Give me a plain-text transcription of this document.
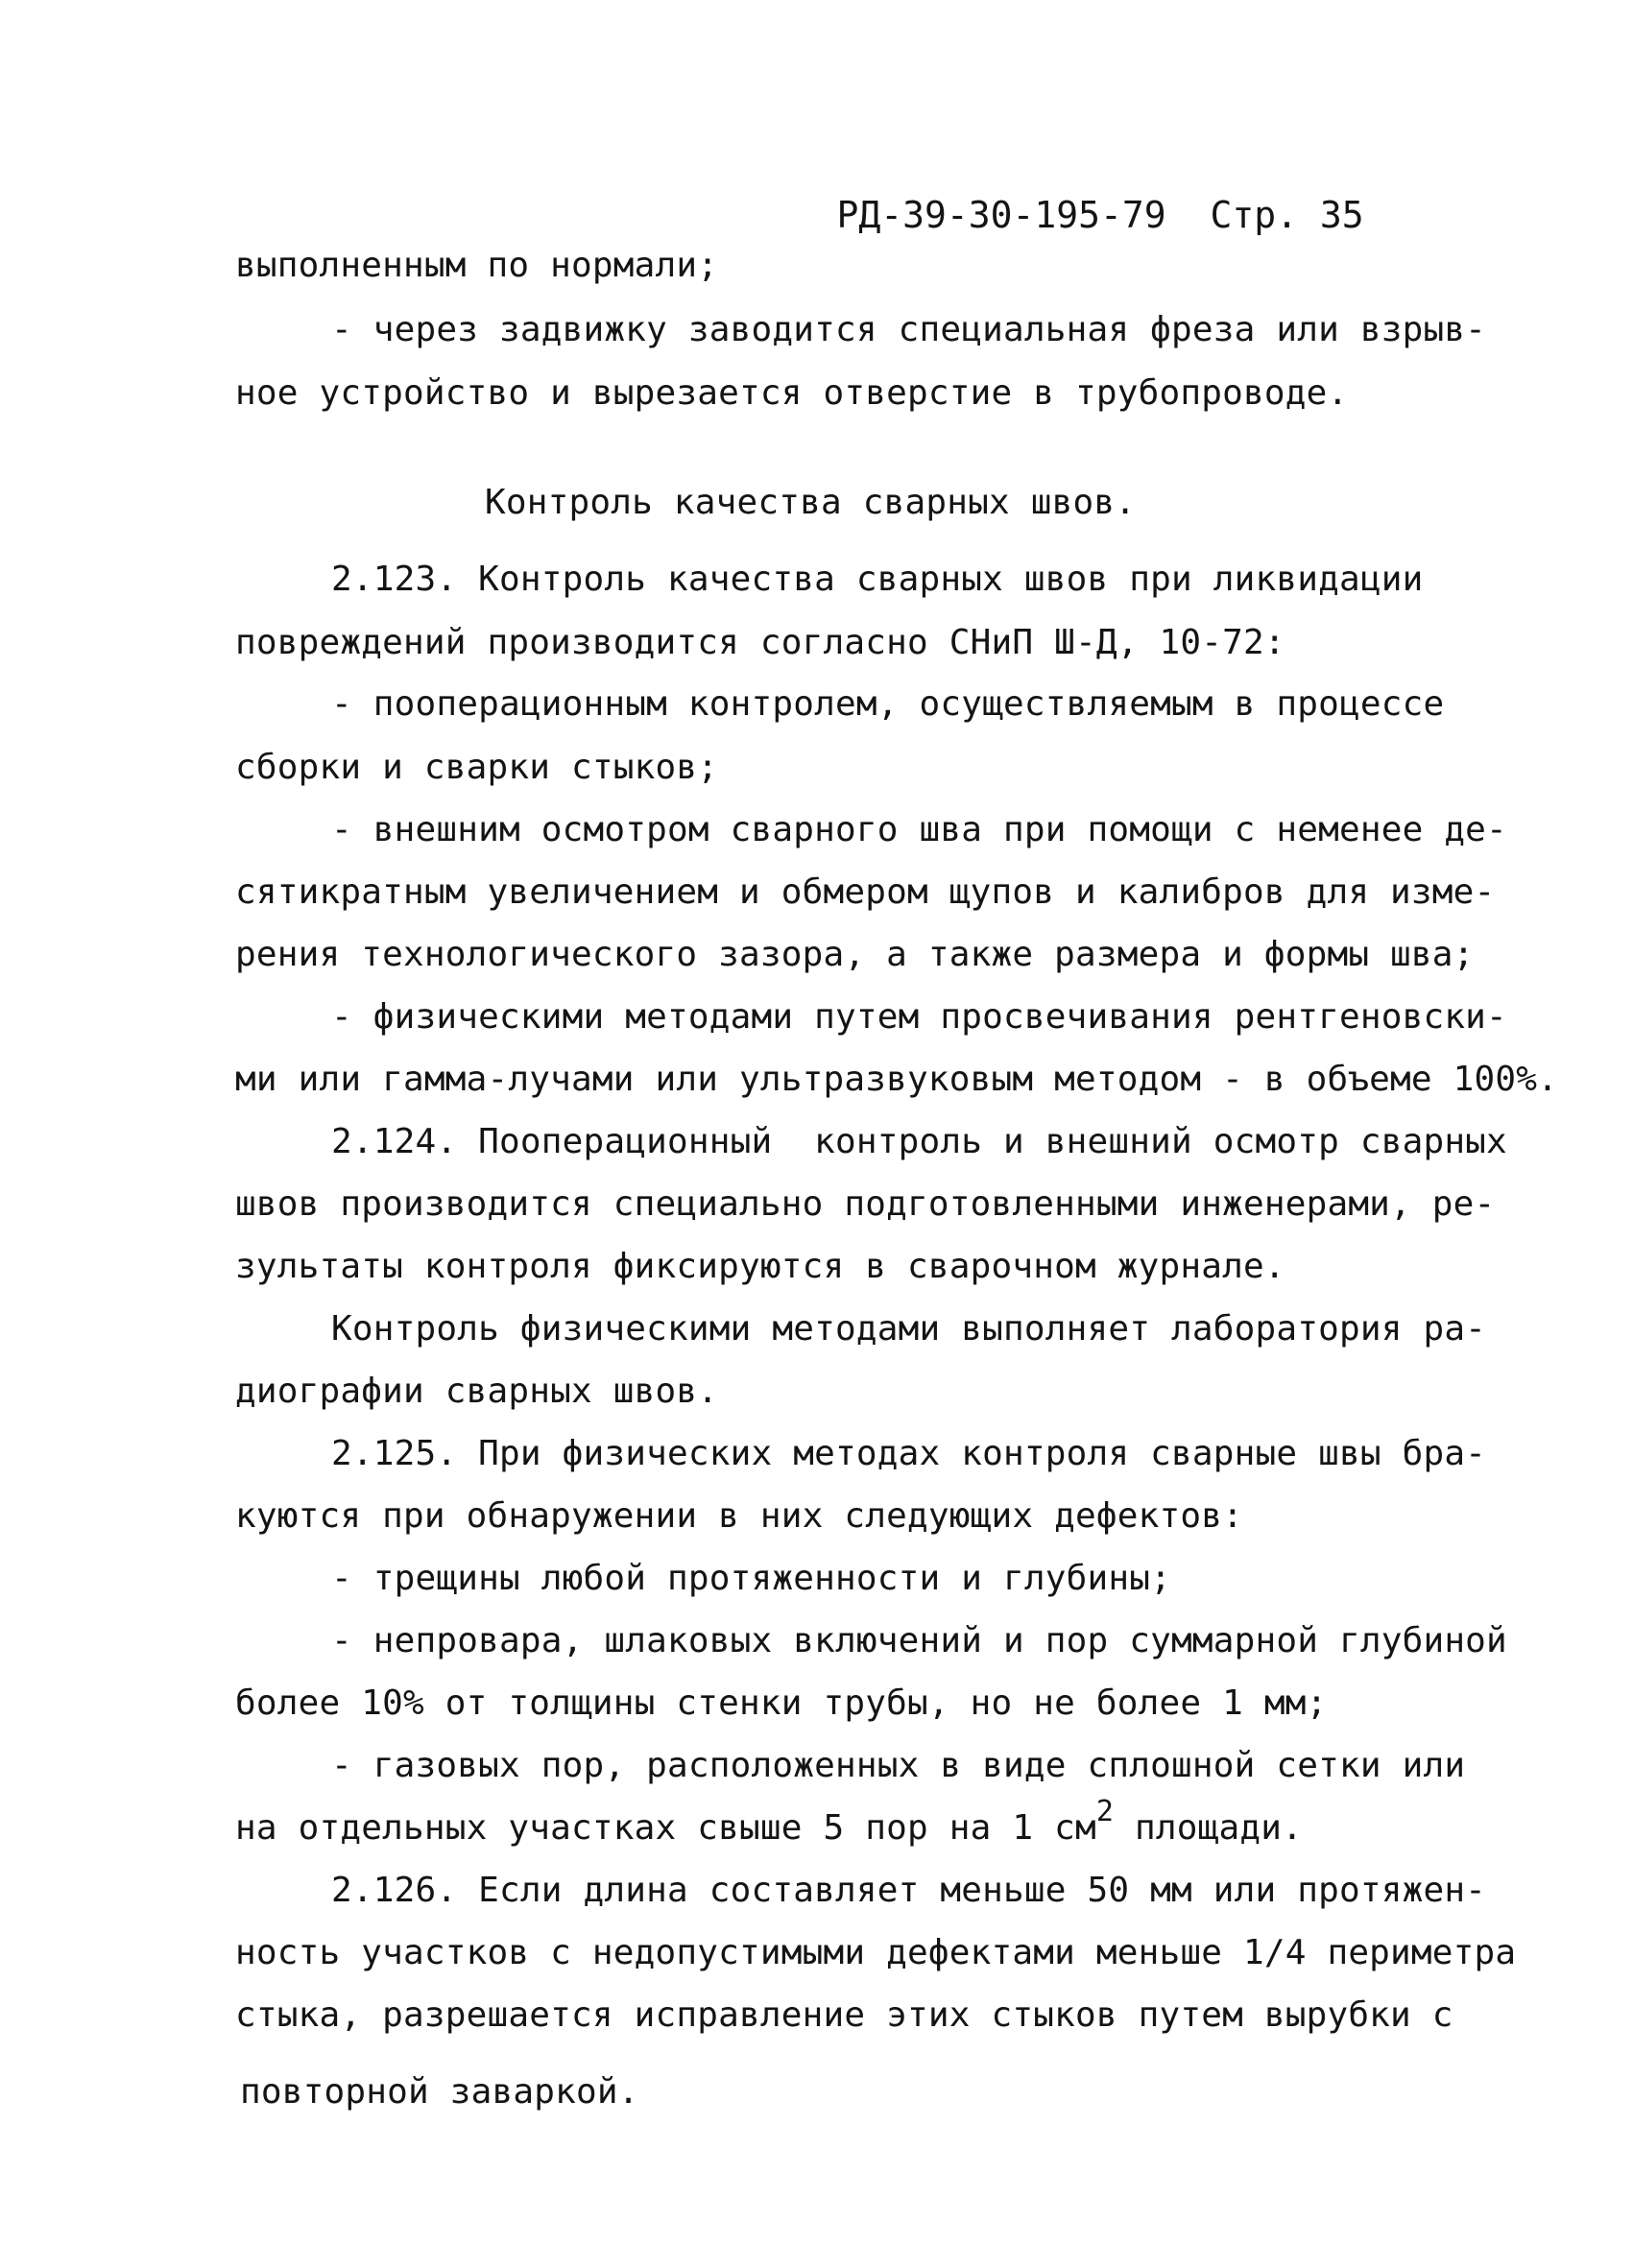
РД-39-30-195-79 Стр. 35

выполненным по нормали;
- через задвижку заводится специальная фреза или взрыв-
ное устройство и вырезается отверстие в трубопроводе.
Контроль качества сварных швов.
2.123. Контроль качества сварных швов при ликвидации
повреждений производится согласно СНиП Ш-Д, 10-72:
- пооперационным контролем, осуществляемым в процессе
сборки и сварки стыков;
- внешним осмотром сварного шва при помощи с неменее де-
сятикратным увеличением и обмером щупов и калибров для изме-
рения технологического зазора, а также размера и формы шва;
- физическими методами путем просвечивания рентгеновски-
ми или гамма-лучами или ультразвуковым методом - в объеме 100%.
2.124. Пооперационный  контроль и внешний осмотр сварных
швов производится специально подготовленными инженерами, ре-
зультаты контроля фиксируются в сварочном журнале.
Контроль физическими методами выполняет лаборатория ра-
диографии сварных швов.
2.125. При физических методах контроля сварные швы бра-
куются при обнаружении в них следующих дефектов:
- трещины любой протяженности и глубины;
- непровара, шлаковых включений и пор суммарной глубиной
более 10% от толщины стенки трубы, но не более 1 мм;
- газовых пор, расположенных в виде сплошной сетки или
на отдельных участках свыше 5 пор на 1 $см^2$ площади.
2.126. Если длина составляет меньше 50 мм или протяжен-
ность участков с недопустимыми дефектами меньше 1/4 периметра
стыка, разрешается исправление этих стыков путем вырубки с
повторной заваркой.
